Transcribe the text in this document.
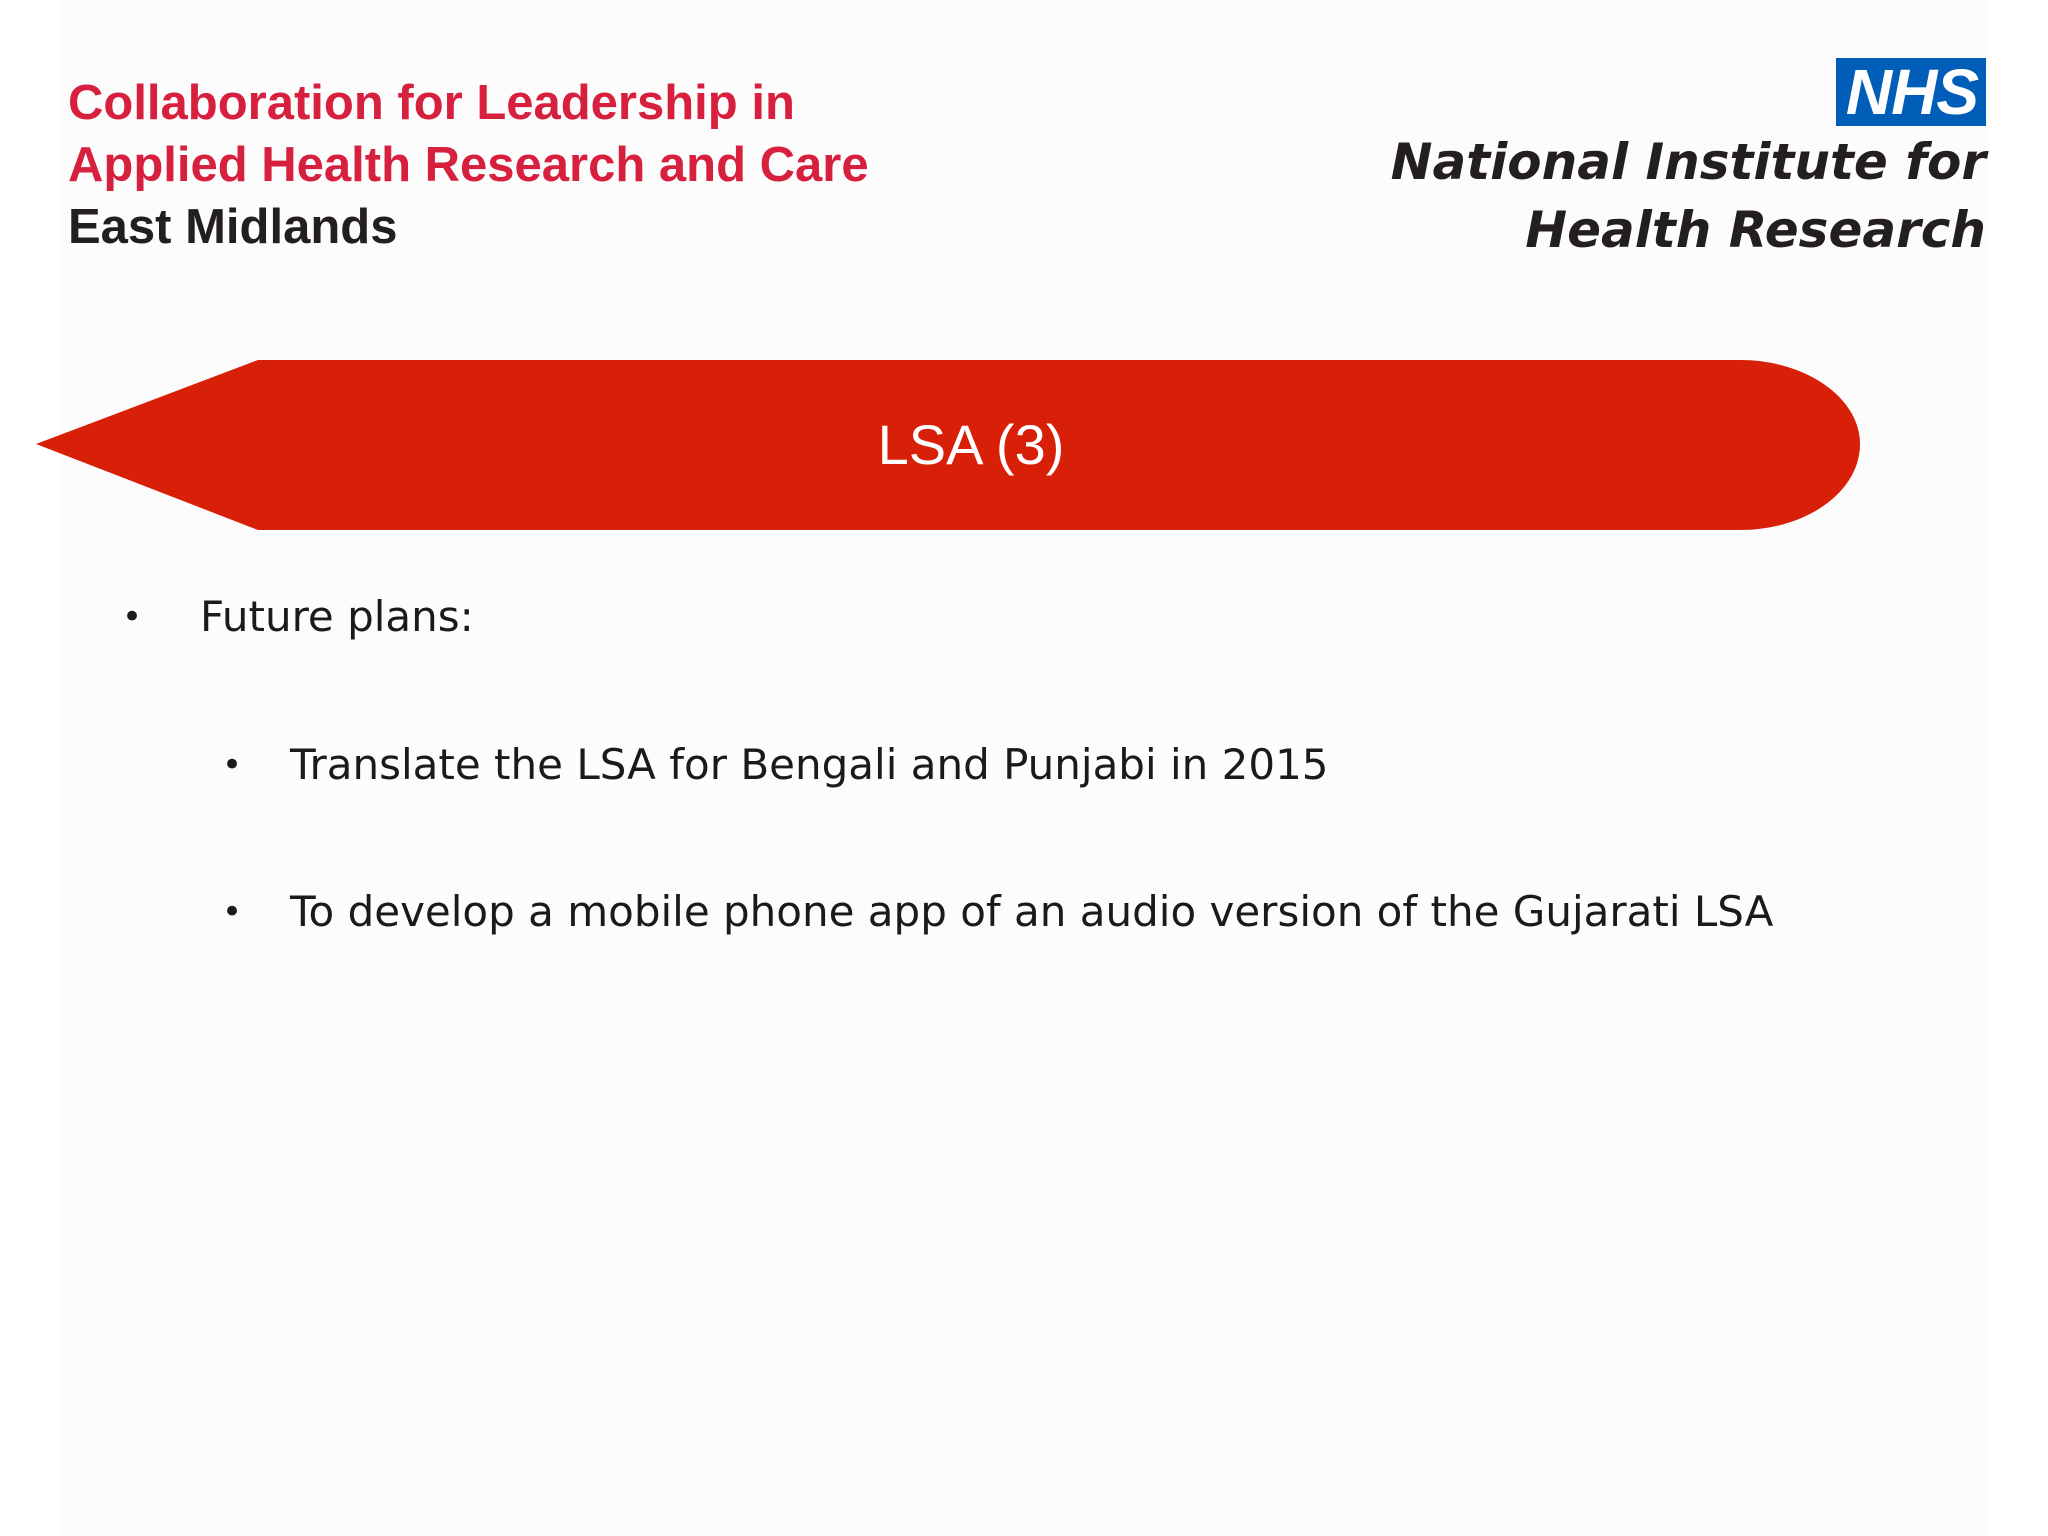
Collaboration for Leadership in
Applied Health Research and Care
East Midlands
NHS
National Institute for
Health Research
LSA (3)
• Future plans:
• Translate the LSA for Bengali and Punjabi in 2015
• To develop a mobile phone app of an audio version of the Gujarati LSA
